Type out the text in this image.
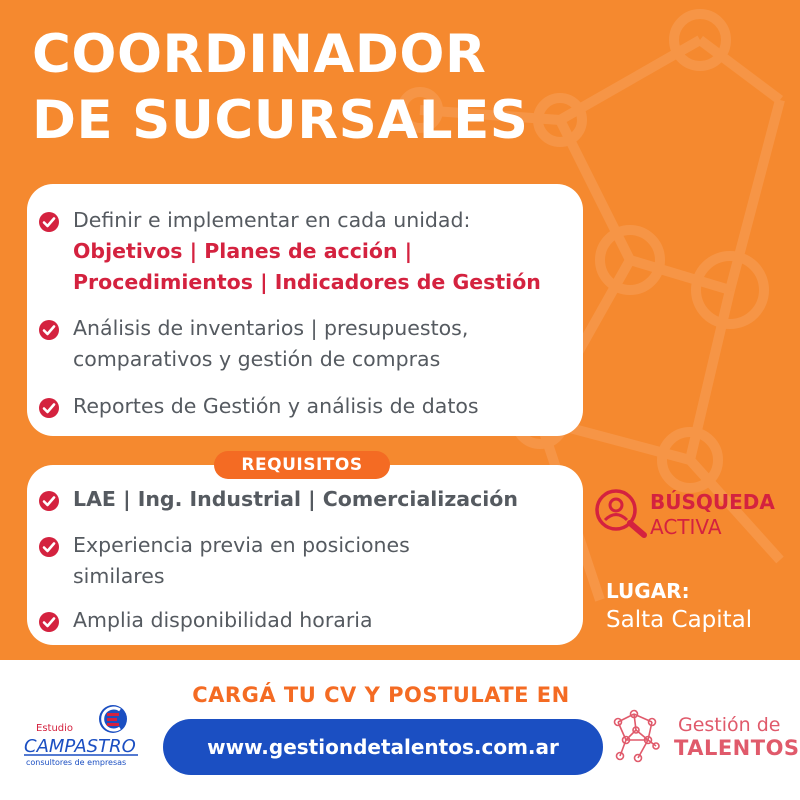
COORDINADOR
DE SUCURSALES
Definir e implementar en cada unidad:
Objetivos | Planes de acción |
Procedimientos | Indicadores de Gestión
Análisis de inventarios | presupuestos,
comparativos y gestión de compras
Reportes de Gestión y análisis de datos
REQUISITOS
LAE | Ing. Industrial | Comercialización
Experiencia previa en posiciones
similares
Amplia disponibilidad horaria
BÚSQUEDA
ACTIVA
LUGAR:
Salta Capital
CARGÁ TU CV Y POSTULATE EN
www.gestiondetalentos.com.ar
Estudio
CAMPASTRO
consultores de empresas
Gestión de
TALENTOS
